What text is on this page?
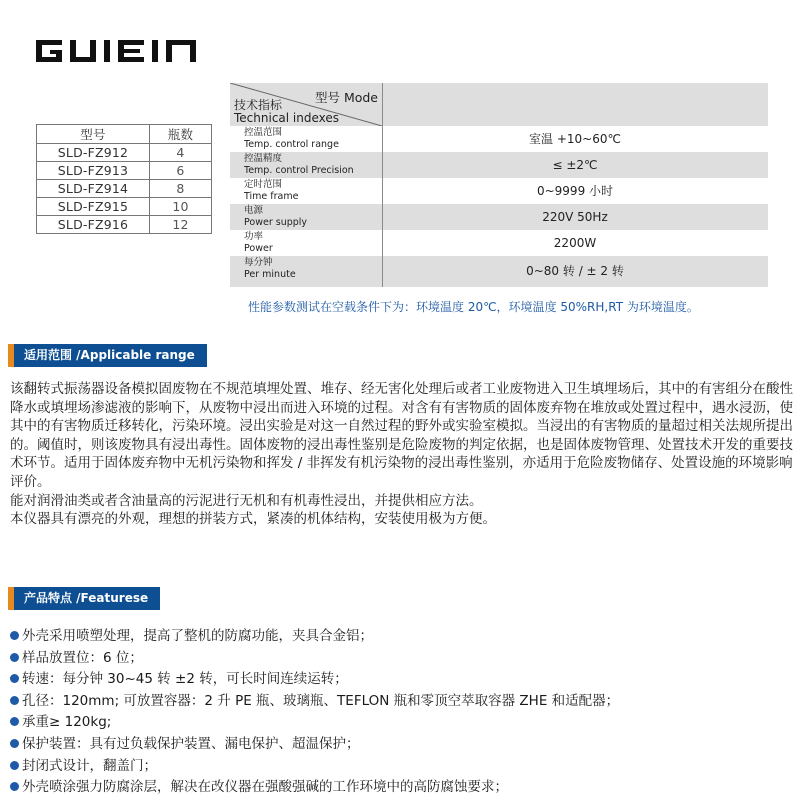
型号	瓶数
SLD-FZ912	4
SLD-FZ913	6
SLD-FZ914	8
SLD-FZ915	10
SLD-FZ916	12
型号 Mode
技术指标
Technical indexes
控温范围
Temp. control range	室温 +10~60℃
控温精度
Temp. control Precision	≤ ±2℃
定时范围
Time frame	0~9999 小时
电源
Power supply	220V 50Hz
功率
Power	2200W
每分钟
Per minute	0~80 转 / ± 2 转
性能参数测试在空载条件下为：环境温度 20℃，环境温度 50%RH,RT 为环境温度。
适用范围 /Applicable range

该翻转式振荡器设备模拟固废物在不规范填埋处置、堆存、经无害化处理后或者工业废物进入卫生填埋场后，其中的有害组分在酸性降水或填埋场渗滤液的影响下，从废物中浸出而进入环境的过程。对含有有害物质的固体废弃物在堆放或处置过程中，遇水浸沥，使其中的有害物质迁移转化，污染环境。浸出实验是对这一自然过程的野外或实验室模拟。当浸出的有害物质的量超过相关法规所提出的。阈值时，则该废物具有浸出毒性。固体废物的浸出毒性鉴别是危险废物的判定依据，也是固体废物管理、处置技术开发的重要技术环节。适用于固体废弃物中无机污染物和挥发 / 非挥发有机污染物的浸出毒性鉴别，亦适用于危险废物储存、处置设施的环境影响评价。

能对润滑油类或者含油量高的污泥进行无机和有机毒性浸出，并提供相应方法。

本仪器具有漂亮的外观，理想的拼装方式，紧凑的机体结构，安装使用极为方便。

产品特点 /Featurese
外壳采用喷塑处理，提高了整机的防腐功能，夹具合金铝；
样品放置位：6 位；
转速：每分钟 30~45 转 ±2 转，可长时间连续运转；
孔径：120mm; 可放置容器：2 升 PE 瓶、玻璃瓶、TEFLON 瓶和零顶空萃取容器 ZHE 和适配器；
承重≥ 120kg;
保护装置：具有过负载保护装置、漏电保护、超温保护；
封闭式设计，翻盖门；
外壳喷涂强力防腐涂层，解决在改仪器在强酸强碱的工作环境中的高防腐蚀要求；
